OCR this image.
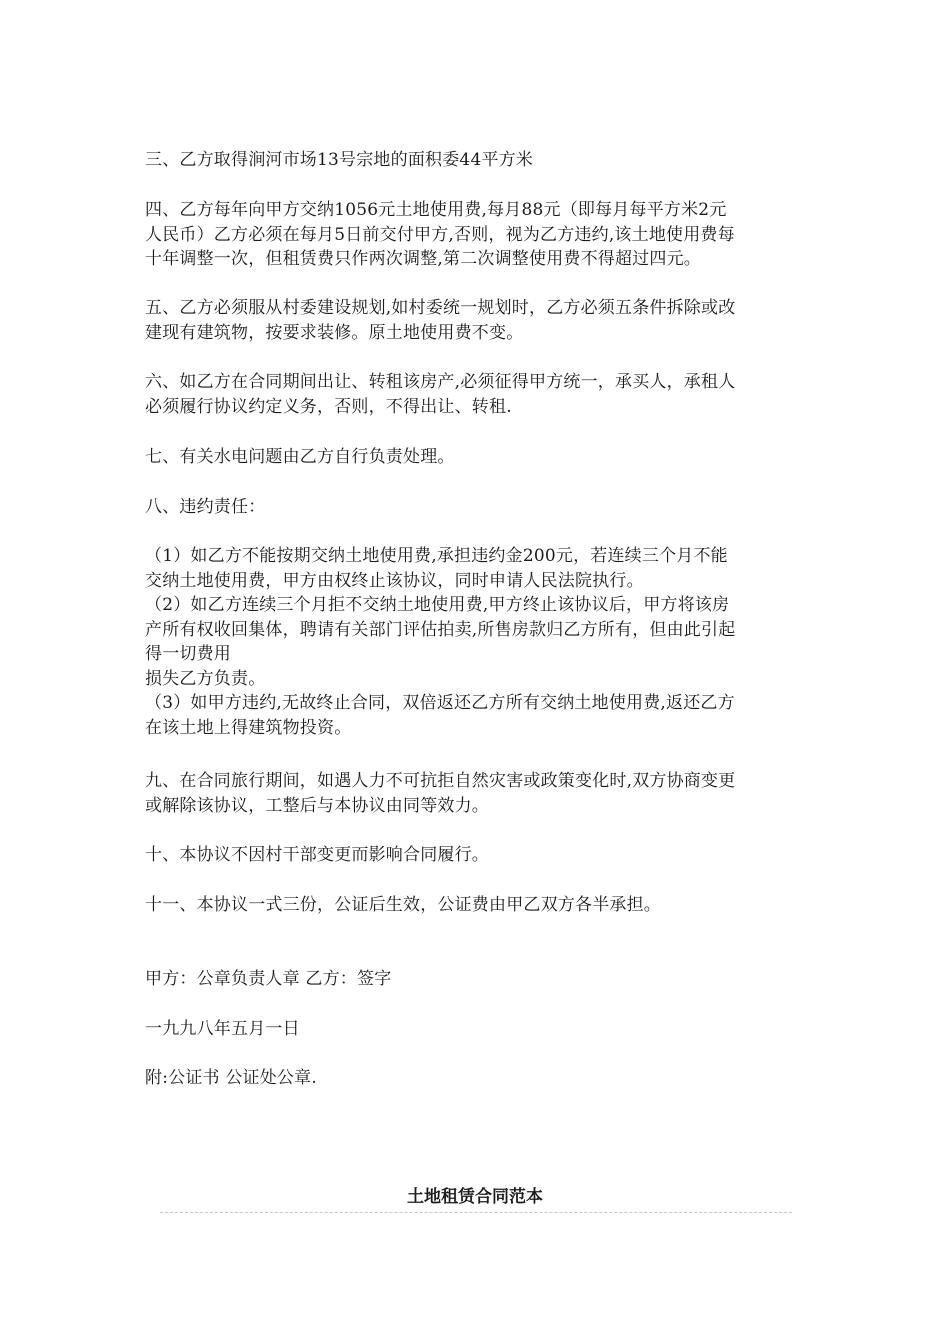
三、乙方取得涧河市场13号宗地的面积委44平方米
四、乙方每年向甲方交纳1056元土地使用费,每月88元（即每月每平方米2元
人民币）乙方必须在每月5日前交付甲方,否则，视为乙方违约,该土地使用费每
十年调整一次，但租赁费只作两次调整,第二次调整使用费不得超过四元。
五、乙方必须服从村委建设规划,如村委统一规划时，乙方必须五条件拆除或改
建现有建筑物，按要求装修。原土地使用费不变。
六、如乙方在合同期间出让、转租该房产,必须征得甲方统一，承买人，承租人
必须履行协议约定义务，否则，不得出让、转租.
七、有关水电问题由乙方自行负责处理。
八、违约责任：
（1）如乙方不能按期交纳土地使用费,承担违约金200元，若连续三个月不能
交纳土地使用费，甲方由权终止该协议，同时申请人民法院执行。
（2）如乙方连续三个月拒不交纳土地使用费,甲方终止该协议后，甲方将该房
产所有权收回集体，聘请有关部门评估拍卖,所售房款归乙方所有，但由此引起
得一切费用
损失乙方负责。
（3）如甲方违约,无故终止合同，双倍返还乙方所有交纳土地使用费,返还乙方
在该土地上得建筑物投资。
九、在合同旅行期间，如遇人力不可抗拒自然灾害或政策变化时,双方协商变更
或解除该协议，工整后与本协议由同等效力。
十、本协议不因村干部变更而影响合同履行。
十一、本协议一式三份，公证后生效，公证费由甲乙双方各半承担。
甲方：公章负责人章 乙方：签字
一九九八年五月一日
附:公证书 公证处公章.
土地租赁合同范本
